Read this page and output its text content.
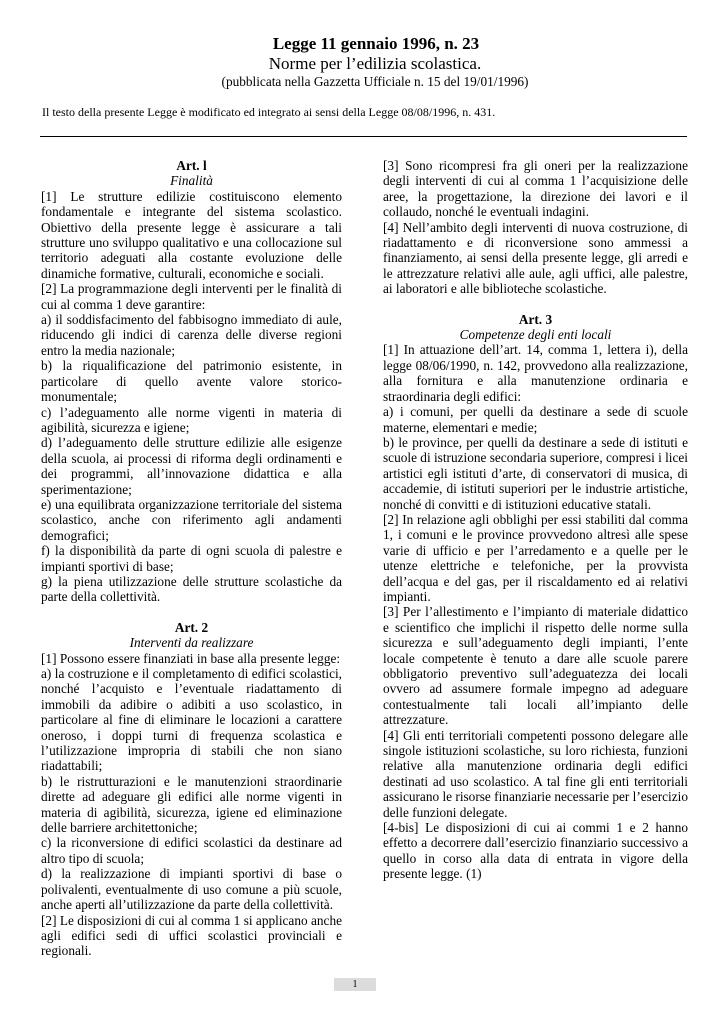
Legge 11 gennaio 1996, n. 23
Norme per l’edilizia scolastica.
(pubblicata nella Gazzetta Ufficiale n. 15 del 19/01/1996)
Il testo della presente Legge è modificato ed integrato ai sensi della Legge 08/08/1996, n. 431.
Art. l
Finalità

[1] Le strutture edilizie costituiscono elemento fondamentale e integrante del sistema scolastico. Obiettivo della presente legge è assicurare a tali strutture uno sviluppo qualitativo e una collocazione sul territorio adeguati alla costante evoluzione delle dinamiche formative, culturali, economiche e sociali.

[2] La programmazione degli interventi per le finalità di cui al comma 1 deve garantire:

a) il soddisfacimento del fabbisogno immediato di aule, riducendo gli indici di carenza delle diverse regioni entro la media nazionale;

b) la riqualificazione del patrimonio esistente, in particolare di quello avente valore storico-monumentale;

c) l’adeguamento alle norme vigenti in materia di agibilità, sicurezza e igiene;

d) l’adeguamento delle strutture edilizie alle esigenze della scuola, ai processi di riforma degli ordinamenti e dei programmi, all’innovazione didattica e alla sperimentazione;

e) una equilibrata organizzazione territoriale del sistema scolastico, anche con riferimento agli andamenti demografici;

f) la disponibilità da parte di ogni scuola di palestre e impianti sportivi di base;

g) la piena utilizzazione delle strutture scolastiche da parte della collettività.

Art. 2
Interventi da realizzare

[1] Possono essere finanziati in base alla presente legge:

a) la costruzione e il completamento di edifici scolastici, nonché l’acquisto e l’eventuale riadattamento di immobili da adibire o adibiti a uso scolastico, in particolare al fine di eliminare le locazioni a carattere oneroso, i doppi turni di frequenza scolastica e l’utilizzazione impropria di stabili che non siano riadattabili;

b) le ristrutturazioni e le manutenzioni straordinarie dirette ad adeguare gli edifici alle norme vigenti in materia di agibilità, sicurezza, igiene ed eliminazione delle barriere architettoniche;

c) la riconversione di edifici scolastici da destinare ad altro tipo di scuola;

d) la realizzazione di impianti sportivi di base o polivalenti, eventualmente di uso comune a più scuole, anche aperti all’utilizzazione da parte della collettività.

[2] Le disposizioni di cui al comma 1 si applicano anche agli edifici sedi di uffici scolastici provinciali e regionali.

[3] Sono ricompresi fra gli oneri per la realizzazione degli interventi di cui al comma 1 l’acquisizione delle aree, la progettazione, la direzione dei lavori e il collaudo, nonché le eventuali indagini.

[4] Nell’ambito degli interventi di nuova costruzione, di riadattamento e di riconversione sono ammessi a finanziamento, ai sensi della presente legge, gli arredi e le attrezzature relativi alle aule, agli uffici, alle palestre, ai laboratori e alle biblioteche scolastiche.

Art. 3
Competenze degli enti locali

[1] In attuazione dell’art. 14, comma 1, lettera i), della legge 08/06/1990, n. 142, provvedono alla realizzazione, alla fornitura e alla manutenzione ordinaria e straordinaria degli edifici:

a) i comuni, per quelli da destinare a sede di scuole materne, elementari e medie;

b) le province, per quelli da destinare a sede di istituti e scuole di istruzione secondaria superiore, compresi i licei artistici egli istituti d’arte, di conservatori di musica, di accademie, di istituti superiori per le industrie artistiche, nonché di convitti e di istituzioni educative statali.

[2] In relazione agli obblighi per essi stabiliti dal comma 1, i comuni e le province provvedono altresì alle spese varie di ufficio e per l’arredamento e a quelle per le utenze elettriche e telefoniche, per la provvista dell’acqua e del gas, per il riscaldamento ed ai relativi impianti.

[3] Per l’allestimento e l’impianto di materiale didattico e scientifico che implichi il rispetto delle norme sulla sicurezza e sull’adeguamento degli impianti, l’ente locale competente è tenuto a dare alle scuole parere obbligatorio preventivo sull’adeguatezza dei locali ovvero ad assumere formale impegno ad adeguare contestualmente tali locali all’impianto delle attrezzature.

[4] Gli enti territoriali competenti possono delegare alle singole istituzioni scolastiche, su loro richiesta, funzioni relative alla manutenzione ordinaria degli edifici destinati ad uso scolastico. A tal fine gli enti territoriali assicurano le risorse finanziarie necessarie per l’esercizio delle funzioni delegate.

[4-bis] Le disposizioni di cui ai commi 1 e 2 hanno effetto a decorrere dall’esercizio finanziario successivo a quello in corso alla data di entrata in vigore della presente legge. (1)

1
